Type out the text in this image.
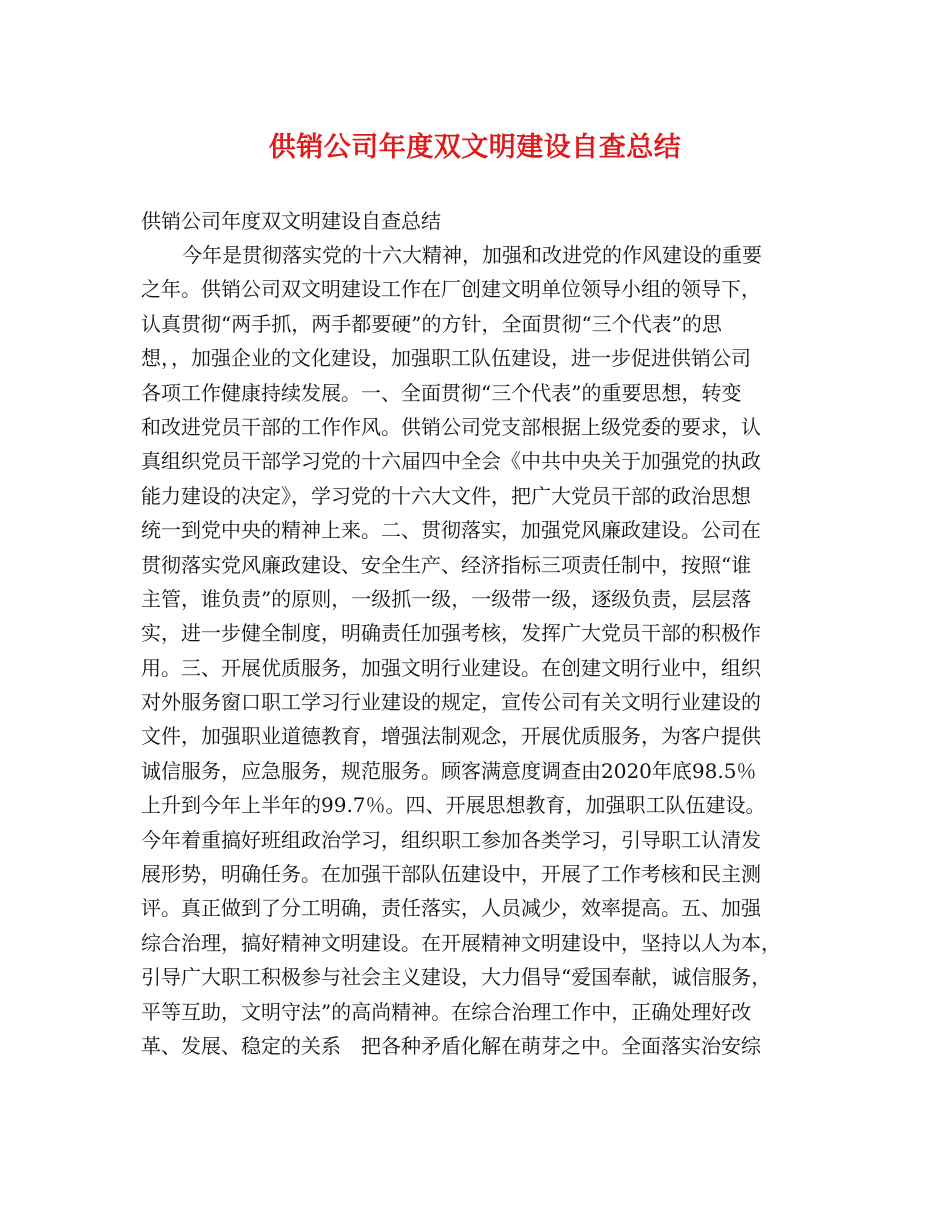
供销公司年度双文明建设自查总结
供销公司年度双文明建设自查总结
今年是贯彻落实党的十六大精神，加强和改进党的作风建设的重要
之年。供销公司双文明建设工作在厂创建文明单位领导小组的领导下，
认真贯彻“两手抓，两手都要硬”的方针，全面贯彻“三个代表”的思
想，，加强企业的文化建设，加强职工队伍建设，进一步促进供销公司
各项工作健康持续发展。一、全面贯彻“三个代表”的重要思想，转变
和改进党员干部的工作作风。供销公司党支部根据上级党委的要求，认
真组织党员干部学习党的十六届四中全会《中共中央关于加强党的执政
能力建设的决定》，学习党的十六大文件，把广大党员干部的政治思想
统一到党中央的精神上来。二、贯彻落实，加强党风廉政建设。公司在
贯彻落实党风廉政建设、安全生产、经济指标三项责任制中，按照“谁
主管，谁负责”的原则，一级抓一级，一级带一级，逐级负责，层层落
实，进一步健全制度，明确责任加强考核，发挥广大党员干部的积极作
用。三、开展优质服务，加强文明行业建设。在创建文明行业中，组织
对外服务窗口职工学习行业建设的规定，宣传公司有关文明行业建设的
文件，加强职业道德教育，增强法制观念，开展优质服务，为客户提供
诚信服务，应急服务，规范服务。顾客满意度调查由2020年底98.5％
上升到今年上半年的99.7％。四、开展思想教育，加强职工队伍建设。
今年着重搞好班组政治学习，组织职工参加各类学习，引导职工认清发
展形势，明确任务。在加强干部队伍建设中，开展了工作考核和民主测
评。真正做到了分工明确，责任落实，人员减少，效率提高。五、加强
综合治理，搞好精神文明建设。在开展精神文明建设中，坚持以人为本，
引导广大职工积极参与社会主义建设，大力倡导“爱国奉献，诚信服务，
平等互助，文明守法”的高尚精神。在综合治理工作中，正确处理好改
革、发展、稳定的关系　把各种矛盾化解在萌芽之中。全面落实治安综
